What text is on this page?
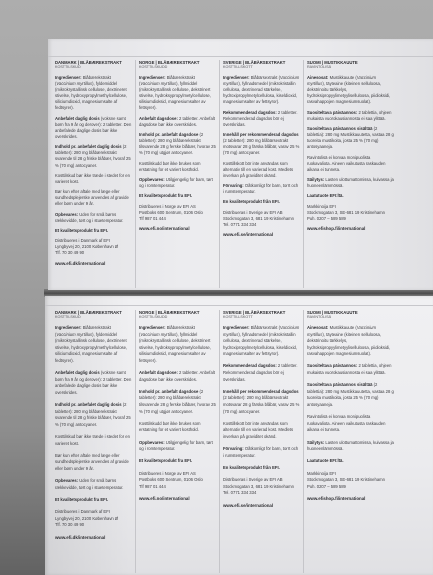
DANMARK | BLÅBÆREKSTRAKT
KOSTTILSKUD

Ingredienser: Blåbærekstrakt (Vaccinium myrtillus), fyldemiddel (mikrokrystallinsk cellulose, dextrineret stivelse, hydroxypropylmethylcellulose, siliciumdioxid, magnesiumsalte af fedtsyrer).

Anbefalet daglig dosis (voksne samt børn fra 9 år og derover): 2 tabletter. Den anbefalede daglige dosis bør ikke overskrides.

Indhold pr. anbefalet daglig dosis (2 tabletter): 280 mg blåbærekstrakt svarende til 28 g friske blåbær, hvoraf 25 % (70 mg) antocyaner.

Kosttilskud bør ikke træde i stedet for en varieret kost.

Bør kun efter aftale med læge eller sundhedsplejerske anvendes af gravide eller børn under 9 år.

Opbevares: Uden for små børns rækkevidde, tørt og i stuetemperatur.

Et kvalitetsprodukt fra EFI.

Distribueres i Danmark af EFI
Lyngbyvej 20, 2100 København Ø
Tlf. 70 30 49 90

www.efi.dk/international
NORGE | BLÅBÆREKSTRAKT
KOSTTILSKUDD

Ingredienser: Blåbærekstrakt (Vaccinium myrtillus), fyllmiddel (mikrokrystallinsk cellulose, dekstrinert stivelse, hydroksypropylmetylcellulose, silisiumdioksid, magnesiumsalter av fettsyrer).

Anbefalt dagsdose: 2 tabletter. Anbefalt dagsdose bør ikke overskrides.

Innhold pr. anbefalt dagsdose (2 tabletter): 280 mg blåbærekstrakt tilsvarende 28 g ferske blåbær, hvorav 25 % (70 mg) utgjør antocyaner.

Kosttilskudd bør ikke brukes som erstatning for et variert kosthold.

Oppbevares: Utilgjengelig for barn, tørt og i romtemperatur.

Et kvalitetsprodukt fra EFI.

Distribueres i Norge av EFI AS
Postboks 600 Sentrum, 0106 Oslo
Tlf 987 01 444

www.efi.no/international
SVERIGE | BLÅBÄRSEXTRAKT
KOSTTILLSKOTT

Ingredienser: Blåbärsextrakt (Vaccinium myrtillus), fyllnadsmedel (mikrokristallin cellulosa, dextrinerad stärkelse, hydroxipropylmetylcellulosa, kiseldioxid, magnesiumsalter av fettsyror).

Rekommenderad dagsdos: 2 tabletter. Rekommenderad dagsdos bör ej överskridas.

Innehåll per rekommenderad dagsdos (2 tabletter): 280 mg blåbärsextrakt motsvarar 28 g färska blåbär, varav 25 % (70 mg) antocyaner.

Kosttillskott bör inte användas som alternativ till en varierad kost. Medlets inverkan på graviditet okänd.

Förvaring: Oåtkomligt för barn, torrt och i rumstemperatur.

En kvalitetsprodukt från EFI.

Distribueras i Sverige av EFI AB
Stockmogatan 3, 681 19 Kristinehamn
Tel. 0771 334 334

www.efi.se/international
SUOMI | MUSTIKKAUUTE
RAVINTOLISÄ

Ainesosat: Mustikkauute (Vaccinium myrtillus), täyteaine (kiteinen selluloosa, dekstrinoitu tärkkelys, hydroksipropyylimetyyliselluloosa, piidioksidi, rasvahappojen magnesiumsuolat).

Suositeltava päiväannos: 2 tablettia, ohjeen mukaista vuorokausiannosta ei saa ylittää.

Suositeltava päiväannos sisältää (2 tablettia): 280 mg Mustikkauutetta, vastaa 28 g tuoreita mustikoita, josta 25 % (70 mg) antosyaaneja.

Ravintolisä ei korvaa monipuolista ruokavaliota. Aineen vaikutusta raskauden aikana ei tunneta.

Säilytys: Lasten ulottumattomissa, kuivassa ja huoneenlämmössä.

Laatutuote EFI:ltä.

Markkinoija EFI
Stockmogatan 3, SE-681 19 Kristinehamn
Puh. 0207 – 589 589

www.efishop.fi/international
DANMARK | BLÅBÆREKSTRAKT
KOSTTILSKUD

Ingredienser: Blåbærekstrakt (Vaccinium myrtillus), fyldemiddel (mikrokrystallinsk cellulose, dextrineret stivelse, hydroxypropylmethylcellulose, siliciumdioxid, magnesiumsalte af fedtsyrer).

Anbefalet daglig dosis (voksne samt børn fra 9 år og derover): 2 tabletter. Den anbefalede daglige dosis bør ikke overskrides.

Indhold pr. anbefalet daglig dosis (2 tabletter): 280 mg blåbærekstrakt svarende til 28 g friske blåbær, hvoraf 25 % (70 mg) antocyaner.

Kosttilskud bør ikke træde i stedet for en varieret kost.

Bør kun efter aftale med læge eller sundhedsplejerske anvendes af gravide eller børn under 9 år.

Opbevares: Uden for små børns rækkevidde, tørt og i stuetemperatur.

Et kvalitetsprodukt fra EFI.

Distribueres i Danmark af EFI
Lyngbyvej 20, 2100 København Ø
Tlf. 70 30 49 90

www.efi.dk/international
NORGE | BLÅBÆREKSTRAKT
KOSTTILSKUDD

Ingredienser: Blåbærekstrakt (Vaccinium myrtillus), fyllmiddel (mikrokrystallinsk cellulose, dekstrinert stivelse, hydroksypropylmetylcellulose, silisiumdioksid, magnesiumsalter av fettsyrer).

Anbefalt dagsdose: 2 tabletter. Anbefalt dagsdose bør ikke overskrides.

Innhold pr. anbefalt dagsdose (2 tabletter): 280 mg blåbærekstrakt tilsvarende 28 g ferske blåbær, hvorav 25 % (70 mg) utgjør antocyaner.

Kosttilskudd bør ikke brukes som erstatning for et variert kosthold.

Oppbevares: Utilgjengelig for barn, tørt og i romtemperatur.

Et kvalitetsprodukt fra EFI.

Distribueres i Norge av EFI AS
Postboks 600 Sentrum, 0106 Oslo
Tlf 987 01 444

www.efi.no/international
SVERIGE | BLÅBÄRSEXTRAKT
KOSTTILLSKOTT

Ingredienser: Blåbärsextrakt (Vaccinium myrtillus), fyllnadsmedel (mikrokristallin cellulosa, dextrinerad stärkelse, hydroxipropylmetylcellulosa, kiseldioxid, magnesiumsalter av fettsyror).

Rekommenderad dagsdos: 2 tabletter. Rekommenderad dagsdos bör ej överskridas.

Innehåll per rekommenderad dagsdos (2 tabletter): 280 mg blåbärsextrakt motsvarar 28 g färska blåbär, varav 25 % (70 mg) antocyaner.

Kosttillskott bör inte användas som alternativ till en varierad kost. Medlets inverkan på graviditet okänd.

Förvaring: Oåtkomligt för barn, torrt och i rumstemperatur.

En kvalitetsprodukt från EFI.

Distribueras i Sverige av EFI AB
Stockmogatan 3, 681 19 Kristinehamn
Tel. 0771 334 334

www.efi.se/international
SUOMI | MUSTIKKAUUTE
RAVINTOLISÄ

Ainesosat: Mustikkauute (Vaccinium myrtillus), täyteaine (kiteinen selluloosa, dekstrinoitu tärkkelys, hydroksipropyylimetyyliselluloosa, piidioksidi, rasvahappojen magnesiumsuolat).

Suositeltava päiväannos: 2 tablettia, ohjeen mukaista vuorokausiannosta ei saa ylittää.

Suositeltava päiväannos sisältää (2 tablettia): 280 mg Mustikkauutetta, vastaa 28 g tuoreita mustikoita, josta 25 % (70 mg) antosyaaneja.

Ravintolisä ei korvaa monipuolista ruokavaliota. Aineen vaikutusta raskauden aikana ei tunneta.

Säilytys: Lasten ulottumattomissa, kuivassa ja huoneenlämmössä.

Laatutuote EFI:ltä.

Markkinoija EFI
Stockmogatan 3, SE-681 19 Kristinehamn
Puh. 0207 – 589 589

www.efishop.fi/international
